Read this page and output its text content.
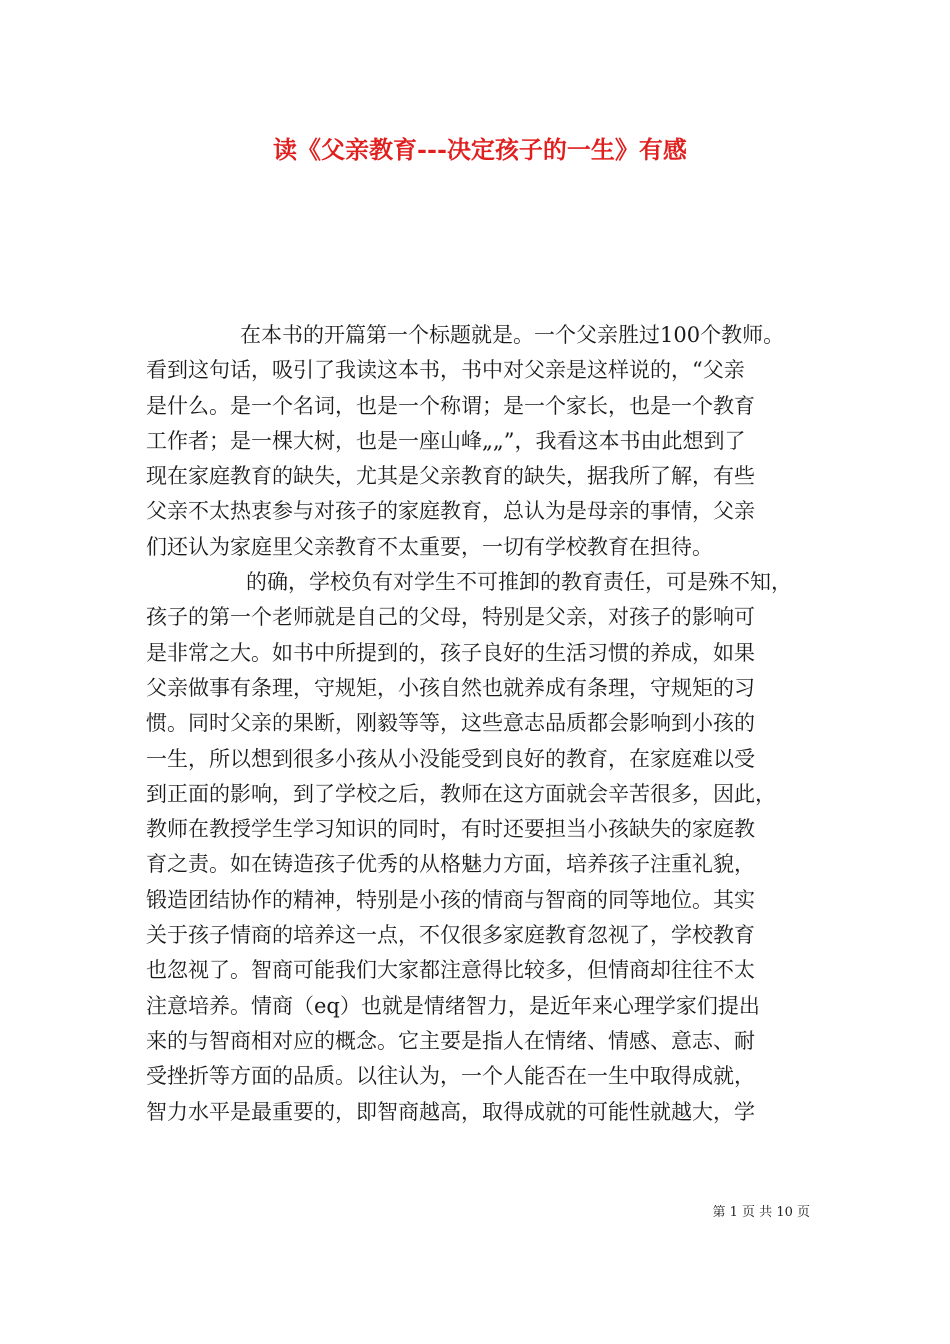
读《父亲教育---决定孩子的一生》有感
在本书的开篇第一个标题就是。一个父亲胜过100个教师。
看到这句话，吸引了我读这本书，书中对父亲是这样说的，“父亲
是什么。是一个名词，也是一个称谓；是一个家长，也是一个教育
工作者；是一棵大树，也是一座山峰„„”，我看这本书由此想到了
现在家庭教育的缺失，尤其是父亲教育的缺失，据我所了解，有些
父亲不太热衷参与对孩子的家庭教育，总认为是母亲的事情，父亲
们还认为家庭里父亲教育不太重要，一切有学校教育在担待。
的确，学校负有对学生不可推卸的教育责任，可是殊不知，
孩子的第一个老师就是自己的父母，特别是父亲，对孩子的影响可
是非常之大。如书中所提到的，孩子良好的生活习惯的养成，如果
父亲做事有条理，守规矩，小孩自然也就养成有条理，守规矩的习
惯。同时父亲的果断，刚毅等等，这些意志品质都会影响到小孩的
一生，所以想到很多小孩从小没能受到良好的教育，在家庭难以受
到正面的影响，到了学校之后，教师在这方面就会辛苦很多，因此，
教师在教授学生学习知识的同时，有时还要担当小孩缺失的家庭教
育之责。如在铸造孩子优秀的从格魅力方面，培养孩子注重礼貌，
锻造团结协作的精神，特别是小孩的情商与智商的同等地位。其实
关于孩子情商的培养这一点，不仅很多家庭教育忽视了，学校教育
也忽视了。智商可能我们大家都注意得比较多，但情商却往往不太
注意培养。情商（eq）也就是情绪智力，是近年来心理学家们提出
来的与智商相对应的概念。它主要是指人在情绪、情感、意志、耐
受挫折等方面的品质。以往认为，一个人能否在一生中取得成就，
智力水平是最重要的，即智商越高，取得成就的可能性就越大，学
第 1 页 共 10 页
